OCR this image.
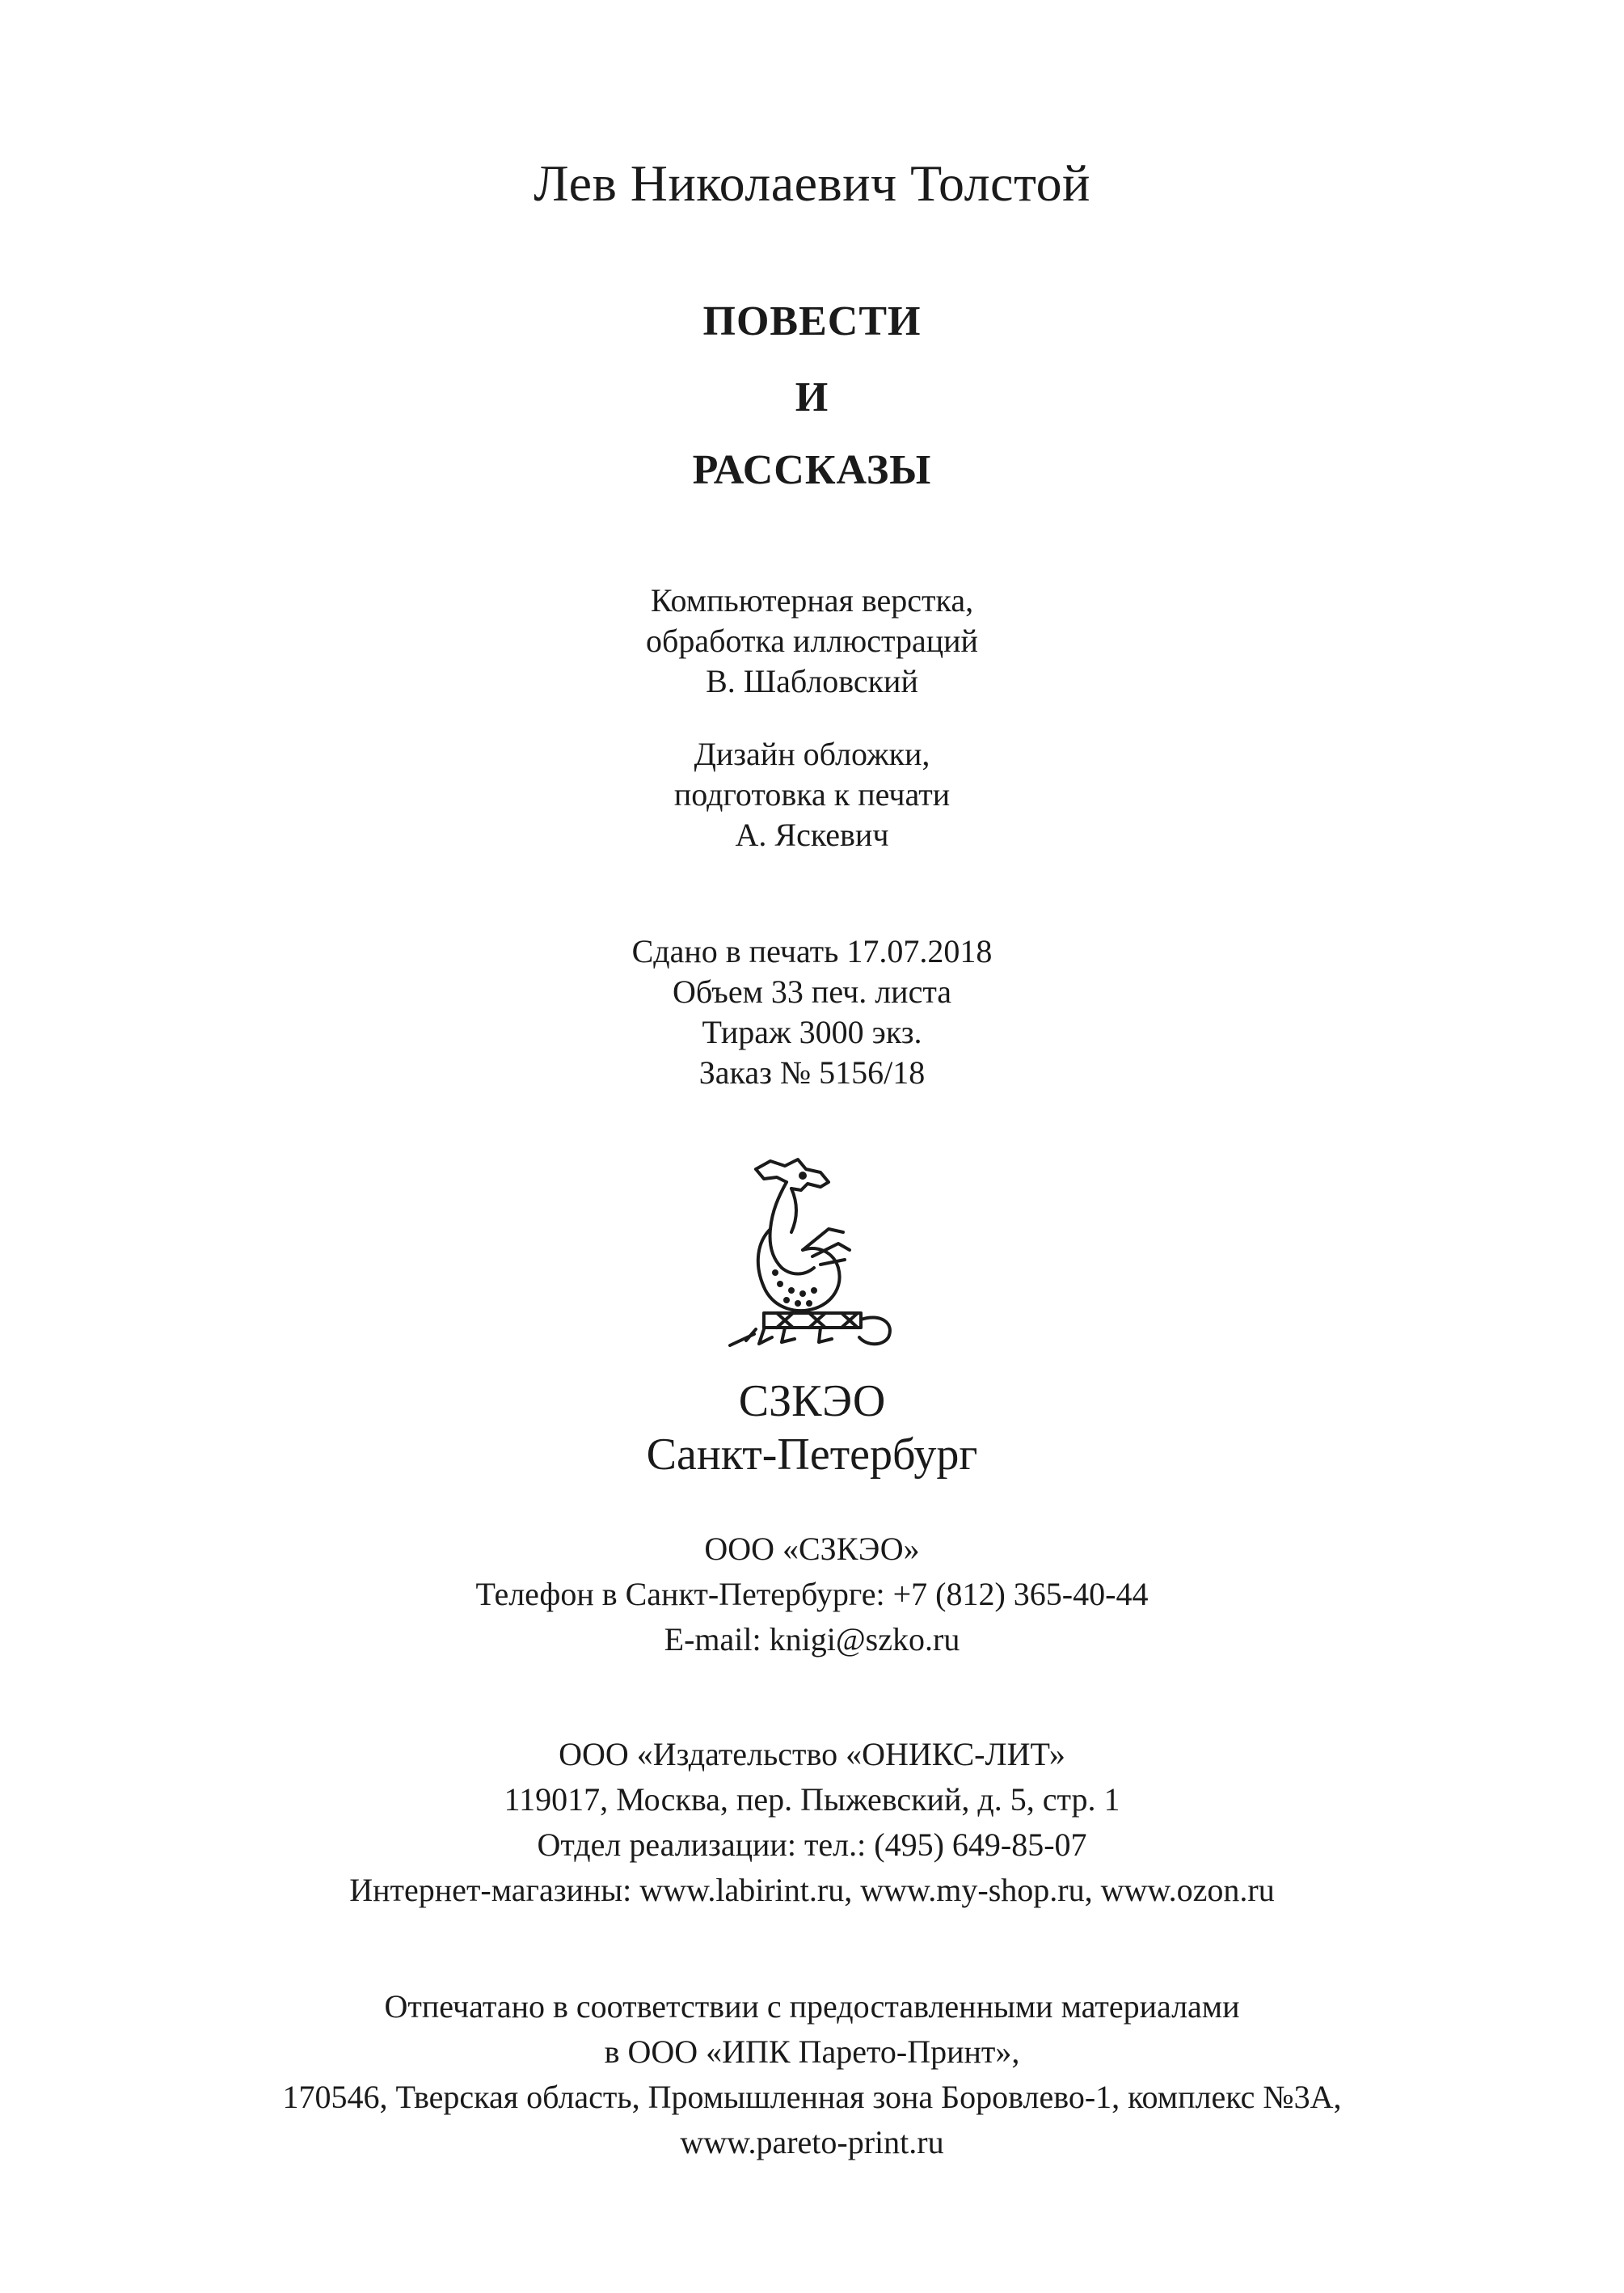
Лев Николаевич Толстой
ПОВЕСТИ
И
РАССКАЗЫ
Компьютерная верстка,
обработка иллюстраций
В. Шабловский
Дизайн обложки,
подготовка к печати
А. Яскевич
Сдано в печать 17.07.2018
Объем 33 печ. листа
Тираж 3000 экз.
Заказ № 5156/18
СЗКЭО
Санкт-Петербург
ООО «СЗКЭО»
Телефон в Санкт-Петербурге: +7 (812) 365-40-44
E-mail: knigi@szko.ru
ООО «Издательство «ОНИКС-ЛИТ»
119017, Москва, пер. Пыжевский, д. 5, стр. 1
Отдел реализации: тел.: (495) 649-85-07
Интернет-магазины: www.labirint.ru, www.my-shop.ru, www.ozon.ru
Отпечатано в соответствии с предоставленными материалами
в ООО «ИПК Парето-Принт»,
170546, Тверская область, Промышленная зона Боровлево-1, комплекс №3А,
www.pareto-print.ru
